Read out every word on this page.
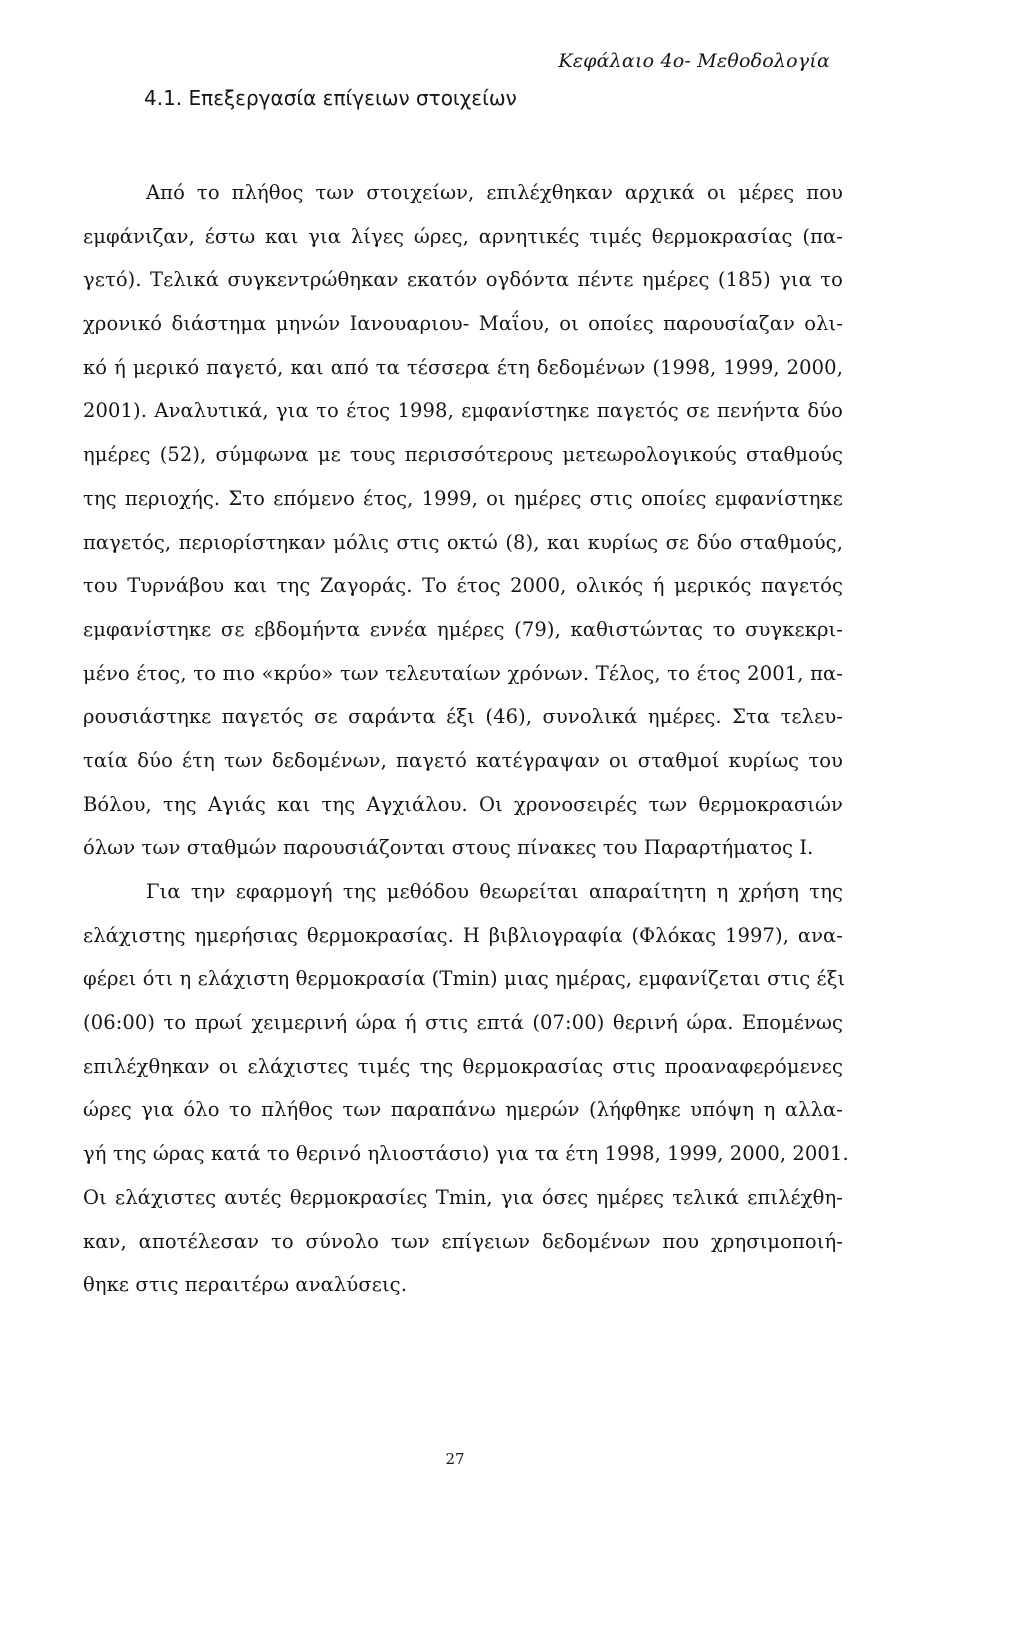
Κεφάλαιο 4ο- Μεθοδολογία
4.1. Επεξεργασία επίγειων στοιχείων
Από το πλήθος των στοιχείων, επιλέχθηκαν αρχικά οι μέρες που
εμφάνιζαν, έστω και για λίγες ώρες, αρνητικές τιμές θερμοκρασίας (πα-
γετό). Τελικά συγκεντρώθηκαν εκατόν ογδόντα πέντε ημέρες (185) για το
χρονικό διάστημα μηνών Ιανουαριου- Μαΐου, οι οποίες παρουσίαζαν ολι-
κό ή μερικό παγετό, και από τα τέσσερα έτη δεδομένων (1998, 1999, 2000,
2001). Αναλυτικά, για το έτος 1998, εμφανίστηκε παγετός σε πενήντα δύο
ημέρες (52), σύμφωνα με τους περισσότερους μετεωρολογικούς σταθμούς
της περιοχής. Στο επόμενο έτος, 1999, οι ημέρες στις οποίες εμφανίστηκε
παγετός, περιορίστηκαν μόλις στις οκτώ (8), και κυρίως σε δύο σταθμούς,
του Τυρνάβου και της Ζαγοράς. Το έτος 2000, ολικός ή μερικός παγετός
εμφανίστηκε σε εβδομήντα εννέα ημέρες (79), καθιστώντας το συγκεκρι-
μένο έτος, το πιο «κρύο» των τελευταίων χρόνων. Τέλος, το έτος 2001, πα-
ρουσιάστηκε παγετός σε σαράντα έξι (46), συνολικά ημέρες. Στα τελευ-
ταία δύο έτη των δεδομένων, παγετό κατέγραψαν οι σταθμοί κυρίως του
Βόλου, της Αγιάς και της Αγχιάλου. Οι χρονοσειρές των θερμοκρασιών
όλων των σταθμών παρουσιάζονται στους πίνακες του Παραρτήματος Ι.
Για την εφαρμογή της μεθόδου θεωρείται απαραίτητη η χρήση της
ελάχιστης ημερήσιας θερμοκρασίας. Η βιβλιογραφία (Φλόκας 1997), ανα-
φέρει ότι η ελάχιστη θερμοκρασία (Tmin) μιας ημέρας, εμφανίζεται στις έξι
(06:00) το πρωί χειμερινή ώρα ή στις επτά (07:00) θερινή ώρα. Επομένως
επιλέχθηκαν οι ελάχιστες τιμές της θερμοκρασίας στις προαναφερόμενες
ώρες για όλο το πλήθος των παραπάνω ημερών (λήφθηκε υπόψη η αλλα-
γή της ώρας κατά το θερινό ηλιοστάσιο) για τα έτη 1998, 1999, 2000, 2001.
Οι ελάχιστες αυτές θερμοκρασίες Tmin, για όσες ημέρες τελικά επιλέχθη-
καν, αποτέλεσαν το σύνολο των επίγειων δεδομένων που χρησιμοποιή-
θηκε στις περαιτέρω αναλύσεις.
27
